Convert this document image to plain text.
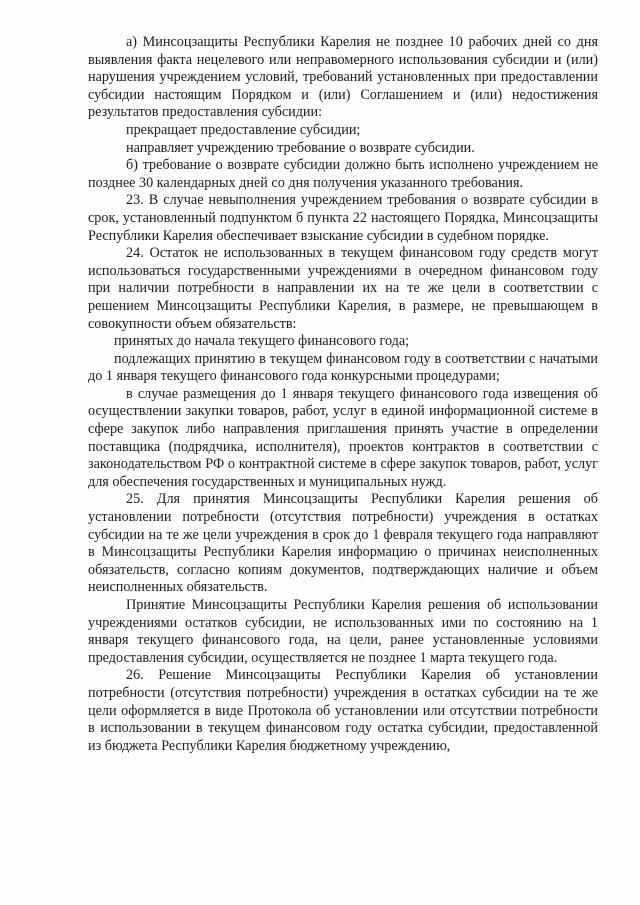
а) Минсоцзащиты Республики Карелия не позднее 10 рабочих дней со дня выявления факта нецелевого или неправомерного использования субсидии и (или) нарушения учреждением условий, требований установленных при предоставлении субсидии настоящим Порядком и (или) Соглашением и (или) недостижения результатов предоставления субсидии:

прекращает предоставление субсидии;

направляет учреждению требование о возврате субсидии.

б) требование о возврате субсидии должно быть исполнено учреждением не позднее 30 календарных дней со дня получения указанного требования.

23. В случае невыполнения учреждением требования о возврате субсидии в срок, установленный подпунктом б пункта 22 настоящего Порядка, Минсоцзащиты Республики Карелия обеспечивает взыскание субсидии в судебном порядке.

24. Остаток не использованных в текущем финансовом году средств могут использоваться государственными учреждениями в очередном финансовом году при наличии потребности в направлении их на те же цели в соответствии с решением Минсоцзащиты Республики Карелия, в размере, не превышающем в совокупности объем обязательств:

принятых до начала текущего финансового года;

подлежащих принятию в текущем финансовом году в соответствии с начатыми до 1 января текущего финансового года конкурсными процедурами;

в случае размещения до 1 января текущего финансового года извещения об осуществлении закупки товаров, работ, услуг в единой информационной системе в сфере закупок либо направления приглашения принять участие в определении поставщика (подрядчика, исполнителя), проектов контрактов в соответствии с законодательством РФ о контрактной системе в сфере закупок товаров, работ, услуг для обеспечения государственных и муниципальных нужд.

25. Для принятия Минсоцзащиты Республики Карелия решения об установлении потребности (отсутствия потребности) учреждения в остатках субсидии на те же цели учреждения в срок до 1 февраля текущего года направляют в Минсоцзащиты Республики Карелия информацию о причинах неисполненных обязательств, согласно копиям документов, подтверждающих наличие и объем неисполненных обязательств.

Принятие Минсоцзащиты Республики Карелия решения об использовании учреждениями остатков субсидии, не использованных ими по состоянию на 1 января текущего финансового года, на цели, ранее установленные условиями предоставления субсидии, осуществляется не позднее 1 марта текущего года.

26. Решение Минсоцзащиты Республики Карелия об установлении потребности (отсутствия потребности) учреждения в остатках субсидии на те же цели оформляется в виде Протокола об установлении или отсутствии потребности в использовании в текущем финансовом году остатка субсидии, предоставленной из бюджета Республики Карелия бюджетному учреждению,
